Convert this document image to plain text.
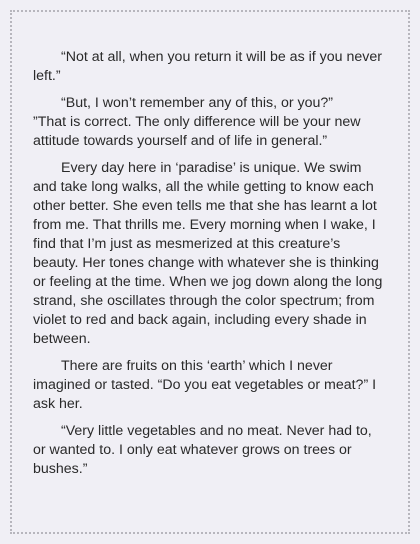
“Not at all, when you return it will be as if you never left.”

“But, I won’t remember any of this, or you?”

”That is correct. The only difference will be your new attitude towards yourself and of life in general.”

Every day here in ‘paradise’ is unique. We swim and take long walks, all the while getting to know each other better. She even tells me that she has learnt a lot from me. That thrills me. Every morning when I wake, I find that I’m just as mesmerized at this creature’s beauty. Her tones change with whatever she is thinking or feeling at the time. When we jog down along the long strand, she oscillates through the color spectrum; from violet to red and back again, including every shade in between.

There are fruits on this ‘earth’ which I never imagined or tasted. “Do you eat vegetables or meat?” I ask her.

“Very little vegetables and no meat. Never had to, or wanted to. I only eat whatever grows on trees or bushes.”
